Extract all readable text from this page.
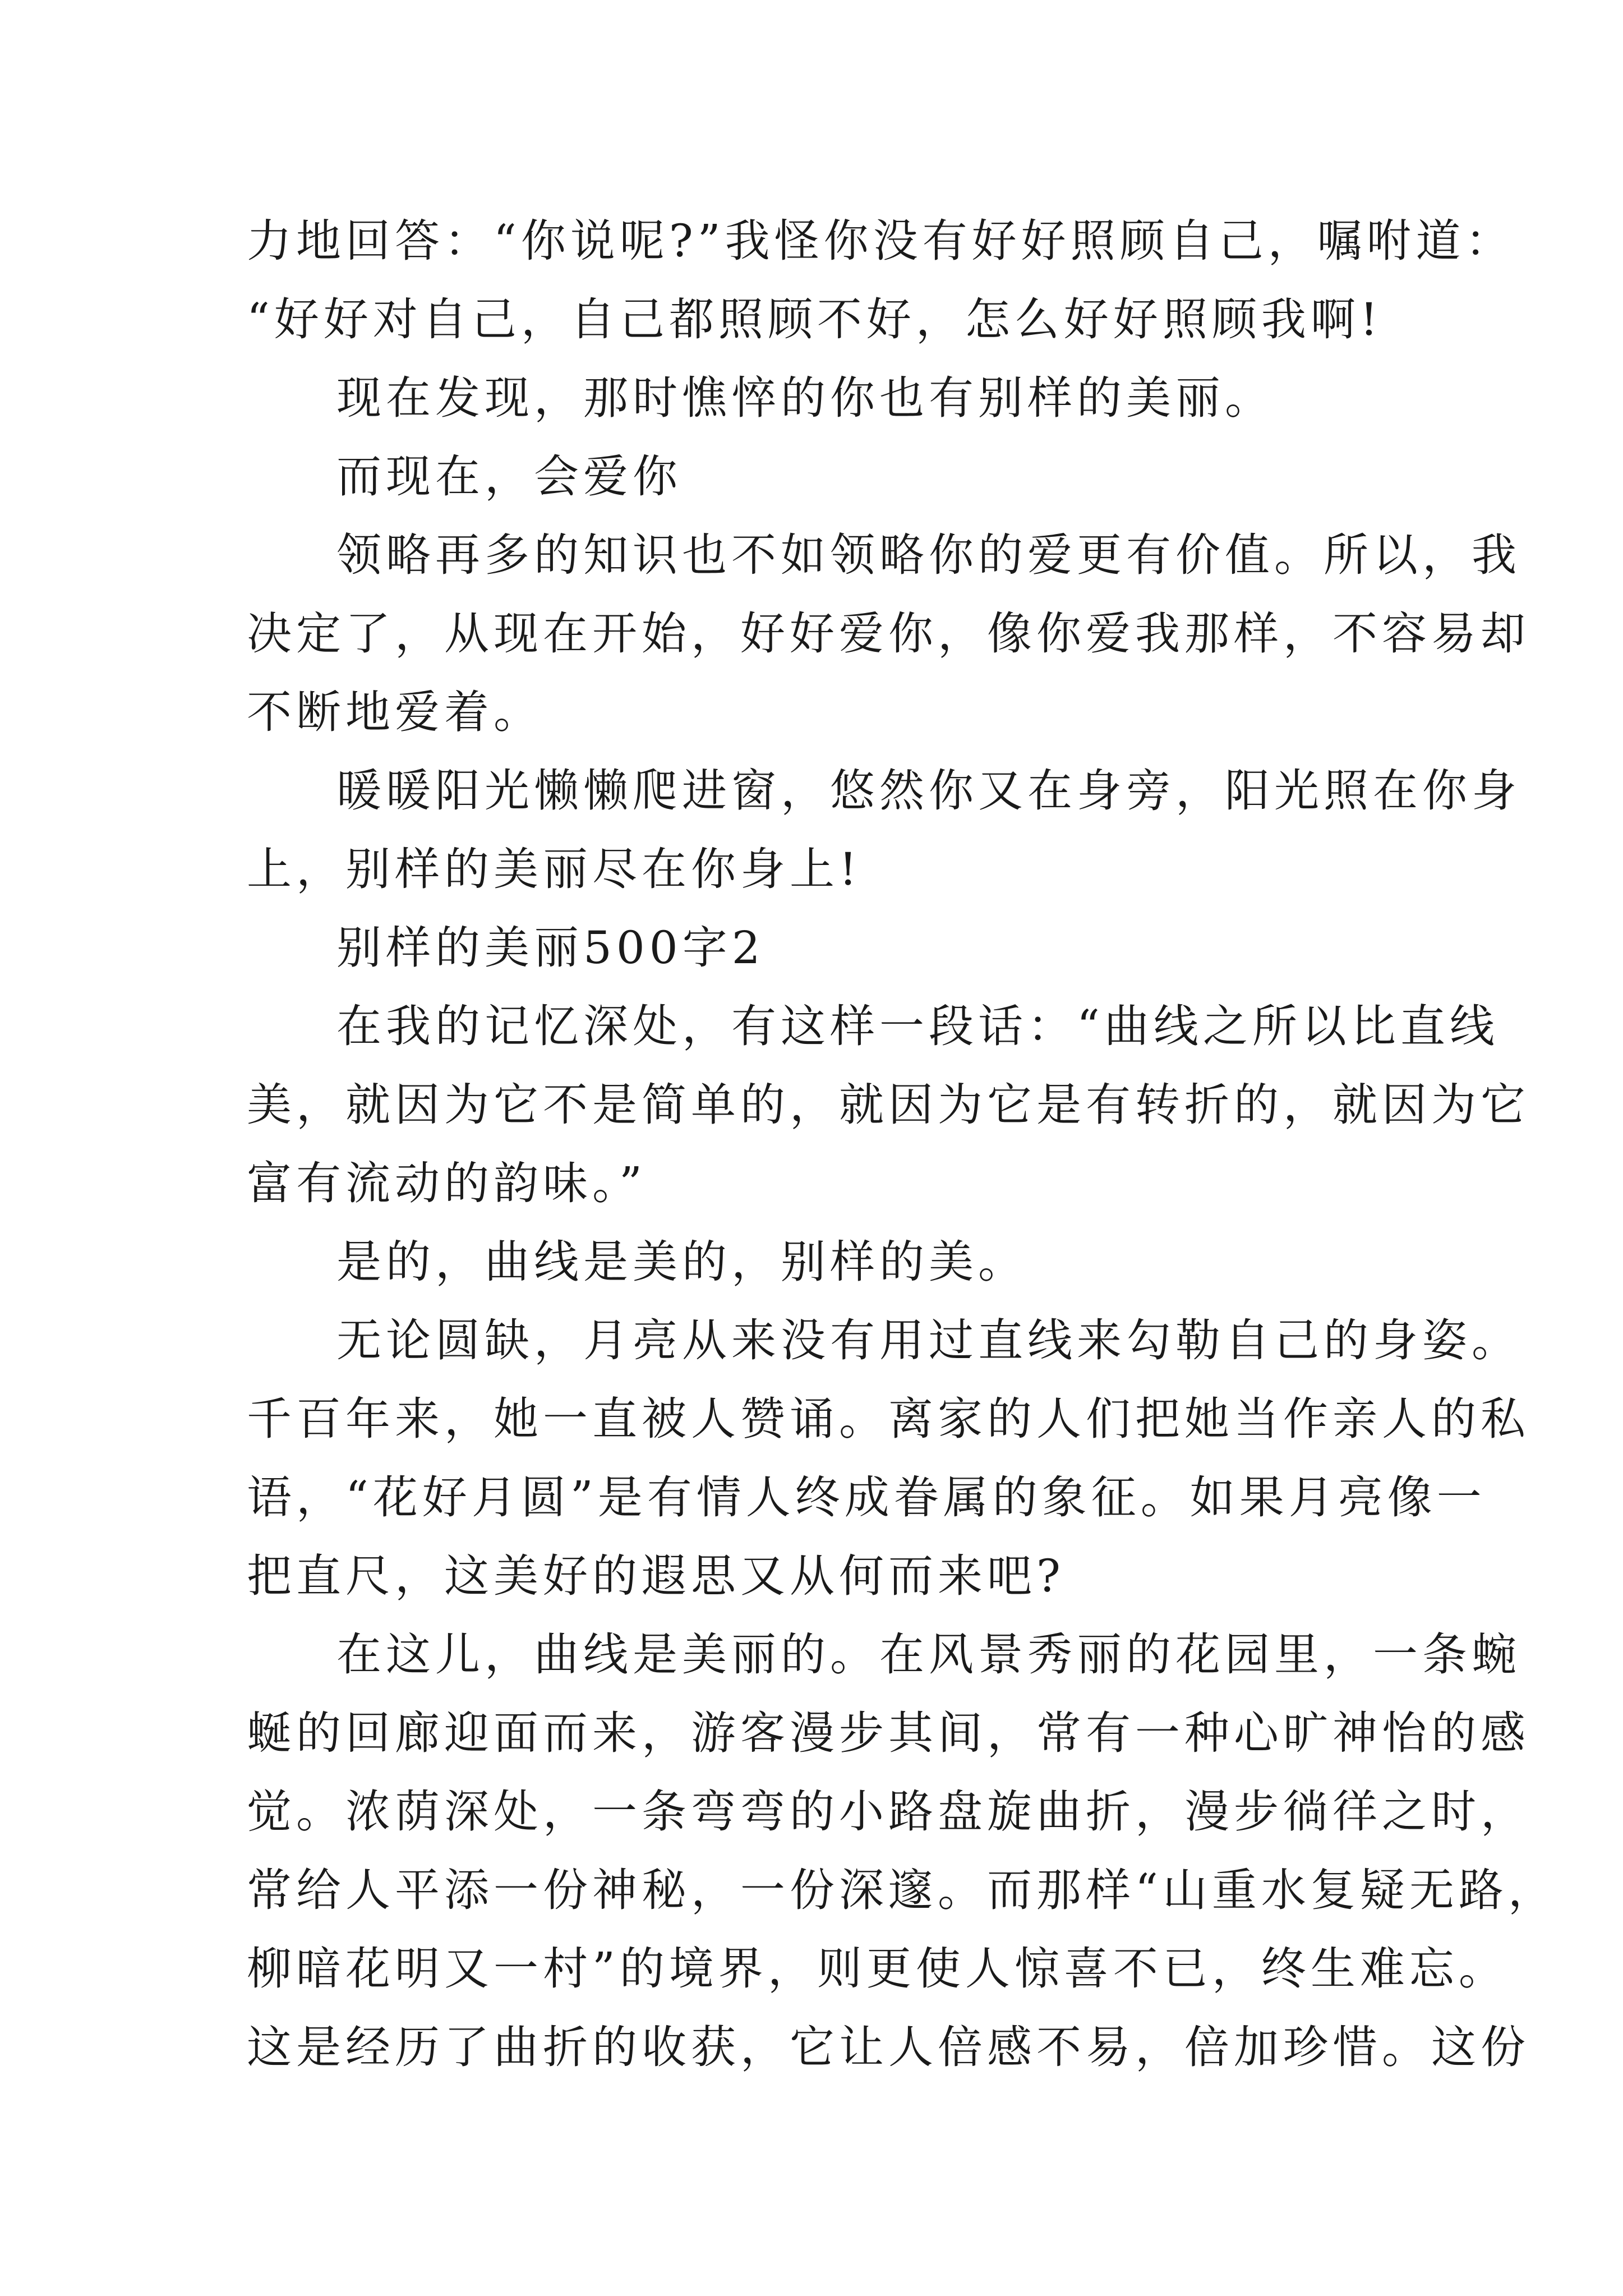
力地回答：“你说呢?”我怪你没有好好照顾自己，嘱咐道：
“好好对自己，自己都照顾不好，怎么好好照顾我啊!
现在发现，那时憔悴的你也有别样的美丽。
而现在，会爱你
领略再多的知识也不如领略你的爱更有价值。所以，我
决定了，从现在开始，好好爱你，像你爱我那样，不容易却
不断地爱着。
暖暖阳光懒懒爬进窗，悠然你又在身旁，阳光照在你身
上，别样的美丽尽在你身上!
别样的美丽500字2
在我的记忆深处，有这样一段话：“曲线之所以比直线
美，就因为它不是简单的，就因为它是有转折的，就因为它
富有流动的韵味。”
是的，曲线是美的，别样的美。
无论圆缺，月亮从来没有用过直线来勾勒自己的身姿。
千百年来，她一直被人赞诵。离家的人们把她当作亲人的私
语，“花好月圆”是有情人终成眷属的象征。如果月亮像一
把直尺，这美好的遐思又从何而来吧?
在这儿，曲线是美丽的。在风景秀丽的花园里，一条蜿
蜒的回廊迎面而来，游客漫步其间，常有一种心旷神怡的感
觉。浓荫深处，一条弯弯的小路盘旋曲折，漫步徜徉之时，
常给人平添一份神秘，一份深邃。而那样“山重水复疑无路，
柳暗花明又一村”的境界，则更使人惊喜不已，终生难忘。
这是经历了曲折的收获，它让人倍感不易，倍加珍惜。这份
